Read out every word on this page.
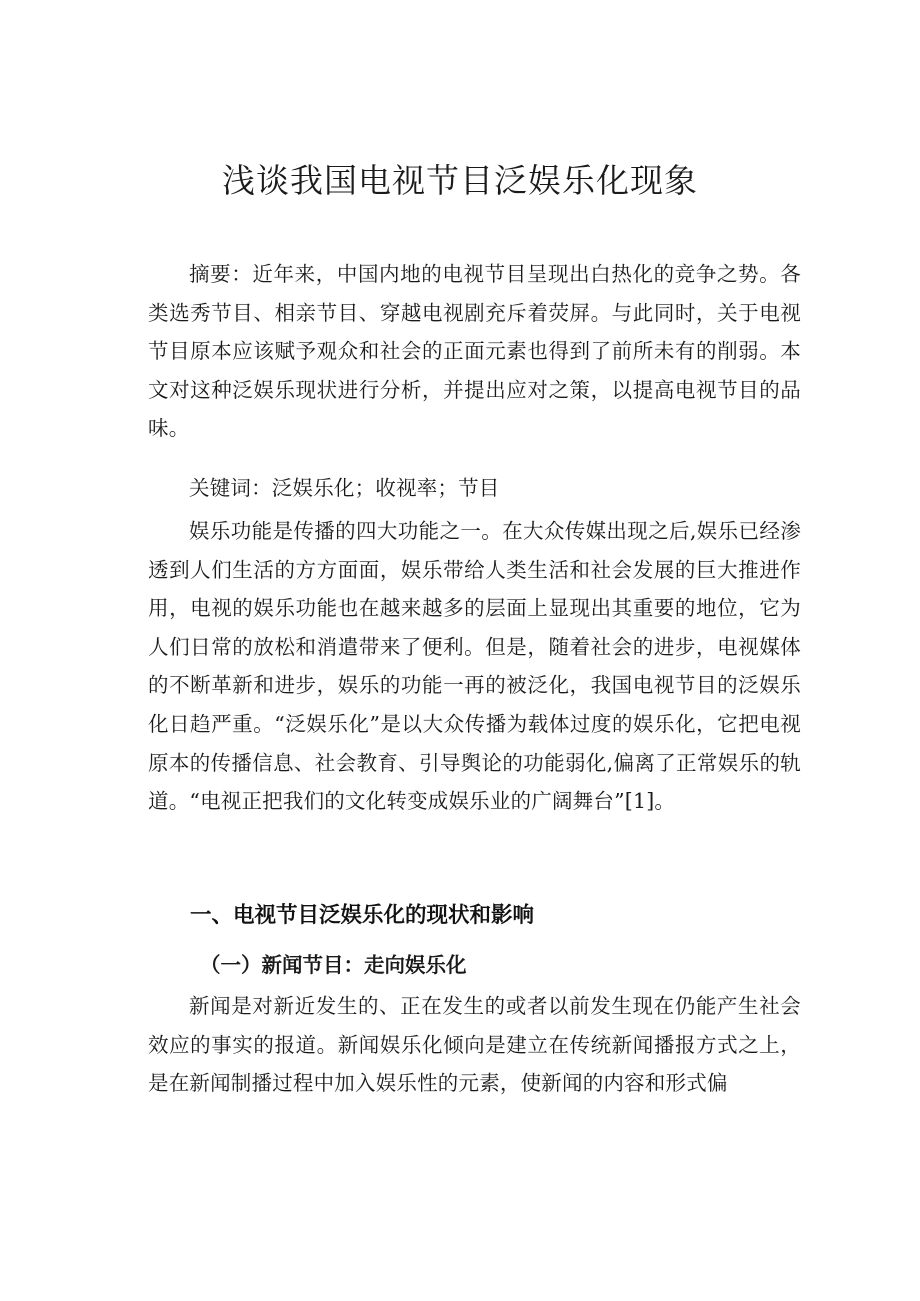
浅谈我国电视节目泛娱乐化现象

摘要：近年来，中国内地的电视节目呈现出白热化的竞争之势。各类选秀节目、相亲节目、穿越电视剧充斥着荧屏。与此同时，关于电视节目原本应该赋予观众和社会的正面元素也得到了前所未有的削弱。本文对这种泛娱乐现状进行分析，并提出应对之策，以提高电视节目的品味。

关键词：泛娱乐化；收视率；节目

娱乐功能是传播的四大功能之一。在大众传媒出现之后,娱乐已经渗透到人们生活的方方面面，娱乐带给人类生活和社会发展的巨大推进作用，电视的娱乐功能也在越来越多的层面上显现出其重要的地位，它为人们日常的放松和消遣带来了便利。但是，随着社会的进步，电视媒体的不断革新和进步，娱乐的功能一再的被泛化，我国电视节目的泛娱乐化日趋严重。“泛娱乐化”是以大众传播为载体过度的娱乐化，它把电视原本的传播信息、社会教育、引导舆论的功能弱化,偏离了正常娱乐的轨道。“电视正把我们的文化转变成娱乐业的广阔舞台”[1]。

一、电视节目泛娱乐化的现状和影响
（一）新闻节目：走向娱乐化

新闻是对新近发生的、正在发生的或者以前发生现在仍能产生社会效应的事实的报道。新闻娱乐化倾向是建立在传统新闻播报方式之上，是在新闻制播过程中加入娱乐性的元素，使新闻的内容和形式偏
